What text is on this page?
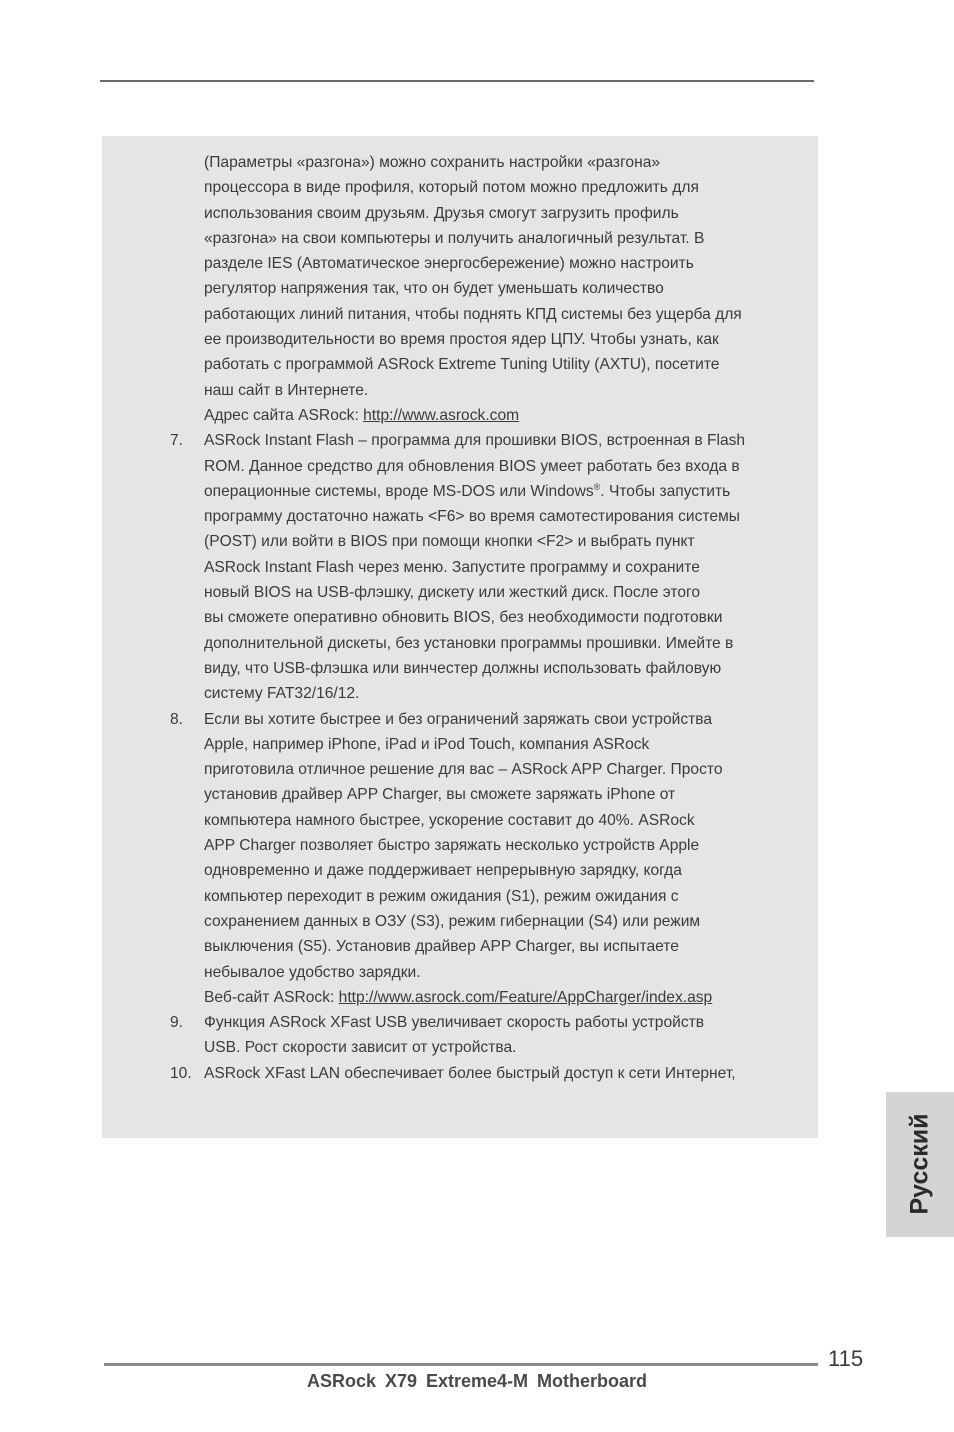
(Параметры «разгона») можно сохранить настройки «разгона»
процессора в виде профиля, который потом можно предложить для
использования своим друзьям. Друзья смогут загрузить профиль
«разгона» на свои компьютеры и получить аналогичный результат. В
разделе IES (Автоматическое энергосбережение) можно настроить
регулятор напряжения так, что он будет уменьшать количество
работающих линий питания, чтобы поднять КПД системы без ущерба для
ее производительности во время простоя ядер ЦПУ. Чтобы узнать, как
работать с программой ASRock Extreme Tuning Utility (AXTU), посетите
наш сайт в Интернете.
Адрес сайта ASRock: http://www.asrock.com
7. ASRock Instant Flash – программа для прошивки BIOS, встроенная в Flash
ROM. Данное средство для обновления BIOS умеет работать без входа в
операционные системы, вроде MS-DOS или Windows®. Чтобы запустить
программу достаточно нажать <F6> во время самотестирования системы
(POST) или войти в BIOS при помощи кнопки <F2> и выбрать пункт
ASRock Instant Flash через меню. Запустите программу и сохраните
новый BIOS на USB-флэшку, дискету или жесткий диск. После этого
вы сможете оперативно обновить BIOS, без необходимости подготовки
дополнительной дискеты, без установки программы прошивки. Имейте в
виду, что USB-флэшка или винчестер должны использовать файловую
систему FAT32/16/12.
8. Если вы хотите быстрее и без ограничений заряжать свои устройства
Apple, например iPhone, iPad и iPod Touch, компания ASRock
приготовила отличное решение для вас – ASRock APP Charger. Просто
установив драйвер APP Charger, вы сможете заряжать iPhone от
компьютера намного быстрее, ускорение составит до 40%. ASRock
APP Charger позволяет быстро заряжать несколько устройств Apple
одновременно и даже поддерживает непрерывную зарядку, когда
компьютер переходит в режим ожидания (S1), режим ожидания с
сохранением данных в ОЗУ (S3), режим гибернации (S4) или режим
выключения (S5). Установив драйвер APP Charger, вы испытаете
небывалое удобство зарядки.
Веб-сайт ASRock: http://www.asrock.com/Feature/AppCharger/index.asp
9. Функция ASRock XFast USB увеличивает скорость работы устройств
USB. Рост скорости зависит от устройства.
10. ASRock XFast LAN обеспечивает более быстрый доступ к сети Интернет,
Русский
115
ASRock X79 Extreme4-M Motherboard
